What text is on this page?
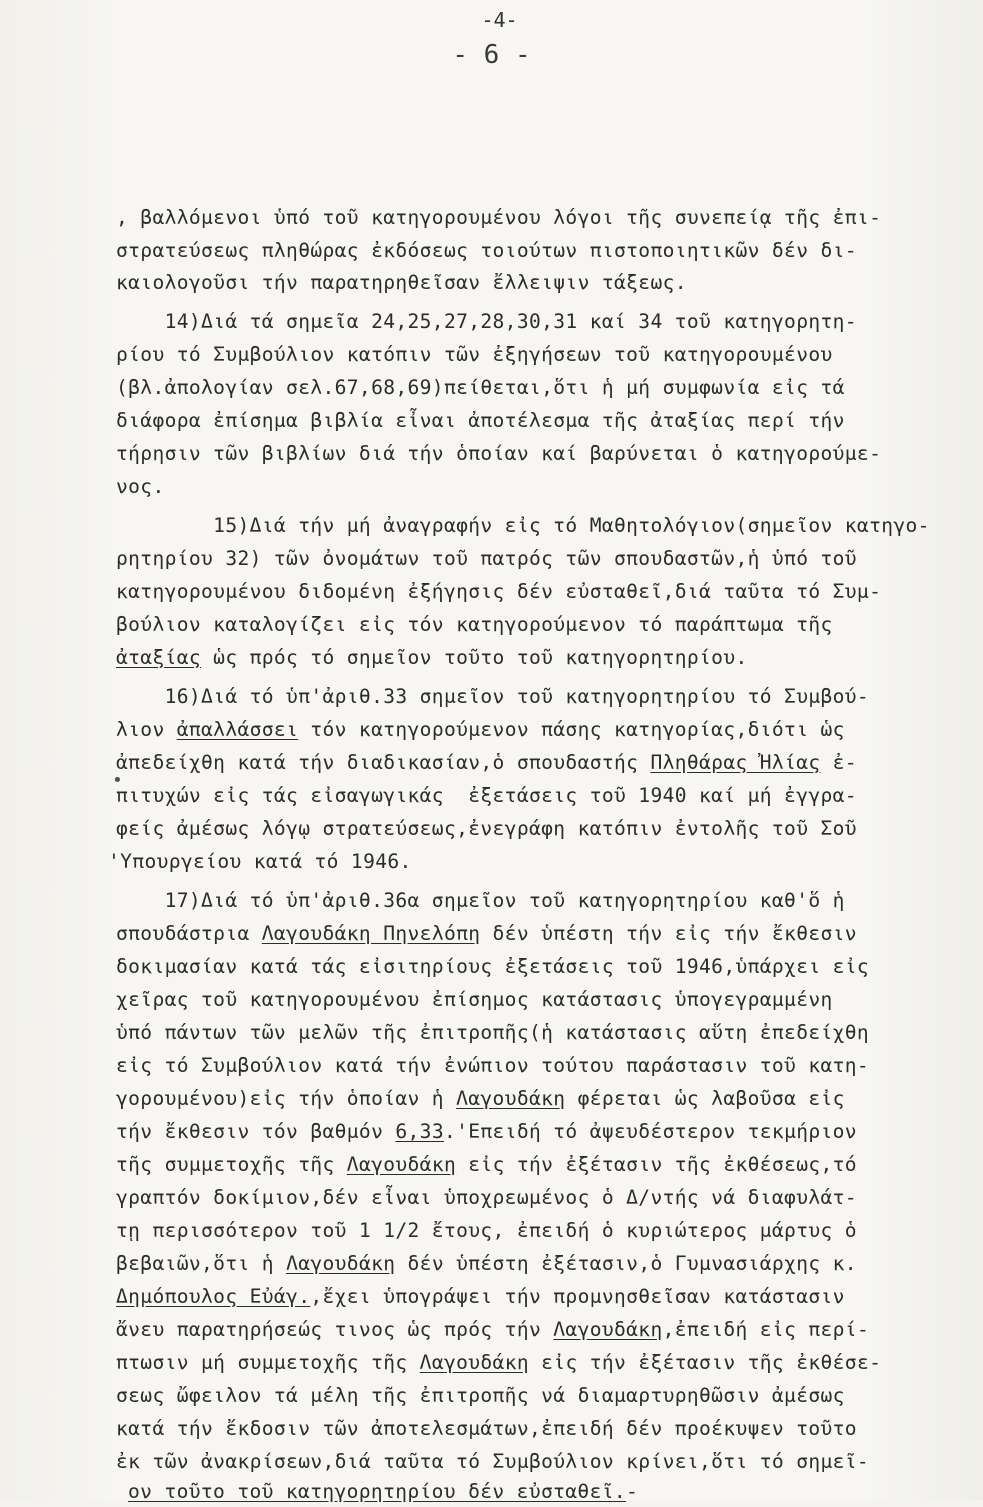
-4-
- 6 -
, βαλλόμενοι ὑπό τοῦ κατηγορουμένου λόγοι τῆς συνεπείᾳ τῆς ἐπι-
στρατεύσεως πληθώρας ἐκδόσεως τοιούτων πιστοποιητικῶν δέν δι-
καιολογοῦσι τήν παρατηρηθεῖσαν ἔλλειψιν τάξεως.
14)Διά τά σημεῖα 24,25,27,28,30,31 καί 34 τοῦ κατηγορητη-
ρίου τό Συμβούλιον κατόπιν τῶν ἐξηγήσεων τοῦ κατηγορουμένου
(βλ.ἀπολογίαν σελ.67,68,69)πείθεται,ὅτι ἡ μή συμφωνία εἰς τά
διάφορα ἐπίσημα βιβλία εἶναι ἀποτέλεσμα τῆς ἀταξίας περί τήν
τήρησιν τῶν βιβλίων διά τήν ὁποίαν καί βαρύνεται ὁ κατηγορούμε-
νος.
15)Διά τήν μή ἀναγραφήν εἰς τό Μαθητολόγιον(σημεῖον κατηγο-
ρητηρίου 32) τῶν ὀνομάτων τοῦ πατρός τῶν σπουδαστῶν,ἡ ὑπό τοῦ
κατηγορουμένου διδομένη ἐξήγησις δέν εὐσταθεῖ,διά ταῦτα τό Συμ-
βούλιον καταλογίζει εἰς τόν κατηγορούμενον τό παράπτωμα τῆς
ἀταξίας ὡς πρός τό σημεῖον τοῦτο τοῦ κατηγορητηρίου.
16)Διά τό ὑπ'ἀριθ.33 σημεῖον τοῦ κατηγορητηρίου τό Συμβού-
λιον ἀπαλλάσσει τόν κατηγορούμενον πάσης κατηγορίας,διότι ὡς
ἀπεδείχθη κατά τήν διαδικασίαν,ὁ σπουδαστής Πληθάρας Ἠλίας ἐ-
πιτυχών εἰς τάς εἰσαγωγικάς  ἐξετάσεις τοῦ 1940 καί μή ἐγγρα-
φείς ἀμέσως λόγῳ στρατεύσεως,ἐνεγράφη κατόπιν ἐντολῆς τοῦ Σοῦ
'Υπουργείου κατά τό 1946.
17)Διά τό ὑπ'ἀριθ.36α σημεῖον τοῦ κατηγορητηρίου καθ'ὅ ἡ
σπουδάστρια Λαγουδάκη Πηνελόπη δέν ὑπέστη τήν εἰς τήν ἔκθεσιν
δοκιμασίαν κατά τάς εἰσιτηρίους ἐξετάσεις τοῦ 1946,ὑπάρχει εἰς
χεῖρας τοῦ κατηγορουμένου ἐπίσημος κατάστασις ὑπογεγραμμένη
ὑπό πάντων τῶν μελῶν τῆς ἐπιτροπῆς(ἡ κατάστασις αὕτη ἐπεδείχθη
εἰς τό Συμβούλιον κατά τήν ἐνώπιον τούτου παράστασιν τοῦ κατη-
γορουμένου)εἰς τήν ὁποίαν ἡ Λαγουδάκη φέρεται ὡς λαβοῦσα εἰς
τήν ἔκθεσιν τόν βαθμόν 6,33.'Επειδή τό ἀψευδέστερον τεκμήριον
τῆς συμμετοχῆς τῆς Λαγουδάκη εἰς τήν ἐξέτασιν τῆς ἐκθέσεως,τό
γραπτόν δοκίμιον,δέν εἶναι ὑποχρεωμένος ὁ Δ/ντής νά διαφυλάτ-
τῃ περισσότερον τοῦ 1 1/2 ἔτους, ἐπειδή ὁ κυριώτερος μάρτυς ὁ
βεβαιῶν,ὅτι ἡ Λαγουδάκη δέν ὑπέστη ἐξέτασιν,ὁ Γυμνασιάρχης κ.
Δημόπουλος Εὐάγ.,ἔχει ὑπογράψει τήν προμνησθεῖσαν κατάστασιν
ἄνευ παρατηρήσεώς τινος ὡς πρός τήν Λαγουδάκη,ἐπειδή εἰς περί-
πτωσιν μή συμμετοχῆς τῆς Λαγουδάκη εἰς τήν ἐξέτασιν τῆς ἐκθέσε-
σεως ὤφειλον τά μέλη τῆς ἐπιτροπῆς νά διαμαρτυρηθῶσιν ἀμέσως
κατά τήν ἔκδοσιν τῶν ἀποτελεσμάτων,ἐπειδή δέν προέκυψεν τοῦτο
ἐκ τῶν ἀνακρίσεων,διά ταῦτα τό Συμβούλιον κρίνει,ὅτι τό σημεῖ-
ον τοῦτο τοῦ κατηγορητηρίου δέν εὐσταθεῖ.-
•
